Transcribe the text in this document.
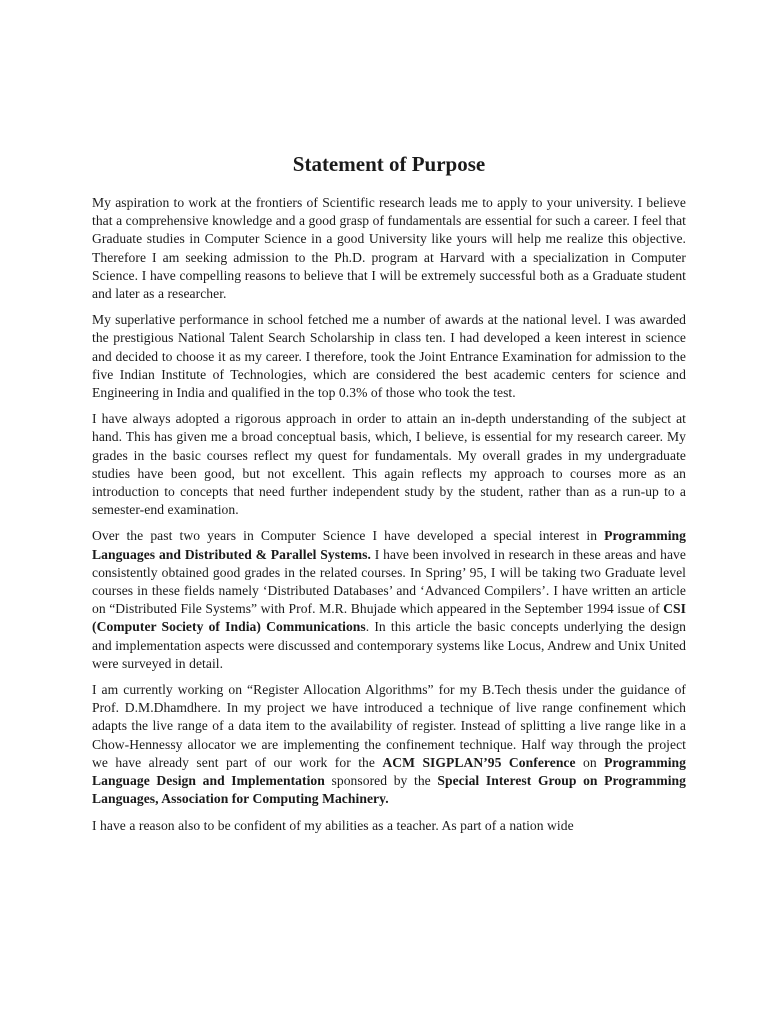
Statement of Purpose

My aspiration to work at the frontiers of Scientific research leads me to apply to your university. I believe that a comprehensive knowledge and a good grasp of fundamentals are essential for such a career. I feel that Graduate studies in Computer Science in a good University like yours will help me realize this objective. Therefore I am seeking admission to the Ph.D. program at Harvard with a specialization in Computer Science. I have compelling reasons to believe that I will be extremely successful both as a Graduate student and later as a researcher.

My superlative performance in school fetched me a number of awards at the national level. I was awarded the prestigious National Talent Search Scholarship in class ten. I had developed a keen interest in science and decided to choose it as my career. I therefore, took the Joint Entrance Examination for admission to the five Indian Institute of Technologies, which are considered the best academic centers for science and Engineering in India and qualified in the top 0.3% of those who took the test.

I have always adopted a rigorous approach in order to attain an in-depth understanding of the subject at hand. This has given me a broad conceptual basis, which, I believe, is essential for my research career. My grades in the basic courses reflect my quest for fundamentals. My overall grades in my undergraduate studies have been good, but not excellent. This again reflects my approach to courses more as an introduction to concepts that need further independent study by the student, rather than as a run-up to a semester-end examination.

Over the past two years in Computer Science I have developed a special interest in Programming Languages and Distributed & Parallel Systems. I have been involved in research in these areas and have consistently obtained good grades in the related courses. In Spring’ 95, I will be taking two Graduate level courses in these fields namely ‘Distributed Databases’ and ‘Advanced Compilers’. I have written an article on “Distributed File Systems” with Prof. M.R. Bhujade which appeared in the September 1994 issue of CSI (Computer Society of India) Communications. In this article the basic concepts underlying the design and implementation aspects were discussed and contemporary systems like Locus, Andrew and Unix United were surveyed in detail.

I am currently working on “Register Allocation Algorithms” for my B.Tech thesis under the guidance of Prof. D.M.Dhamdhere. In my project we have introduced a technique of live range confinement which adapts the live range of a data item to the availability of register. Instead of splitting a live range like in a Chow-Hennessy allocator we are implementing the confinement technique. Half way through the project we have already sent part of our work for the ACM SIGPLAN’95 Conference on Programming Language Design and Implementation sponsored by the Special Interest Group on Programming Languages, Association for Computing Machinery.

I have a reason also to be confident of my abilities as a teacher. As part of a nation wide
